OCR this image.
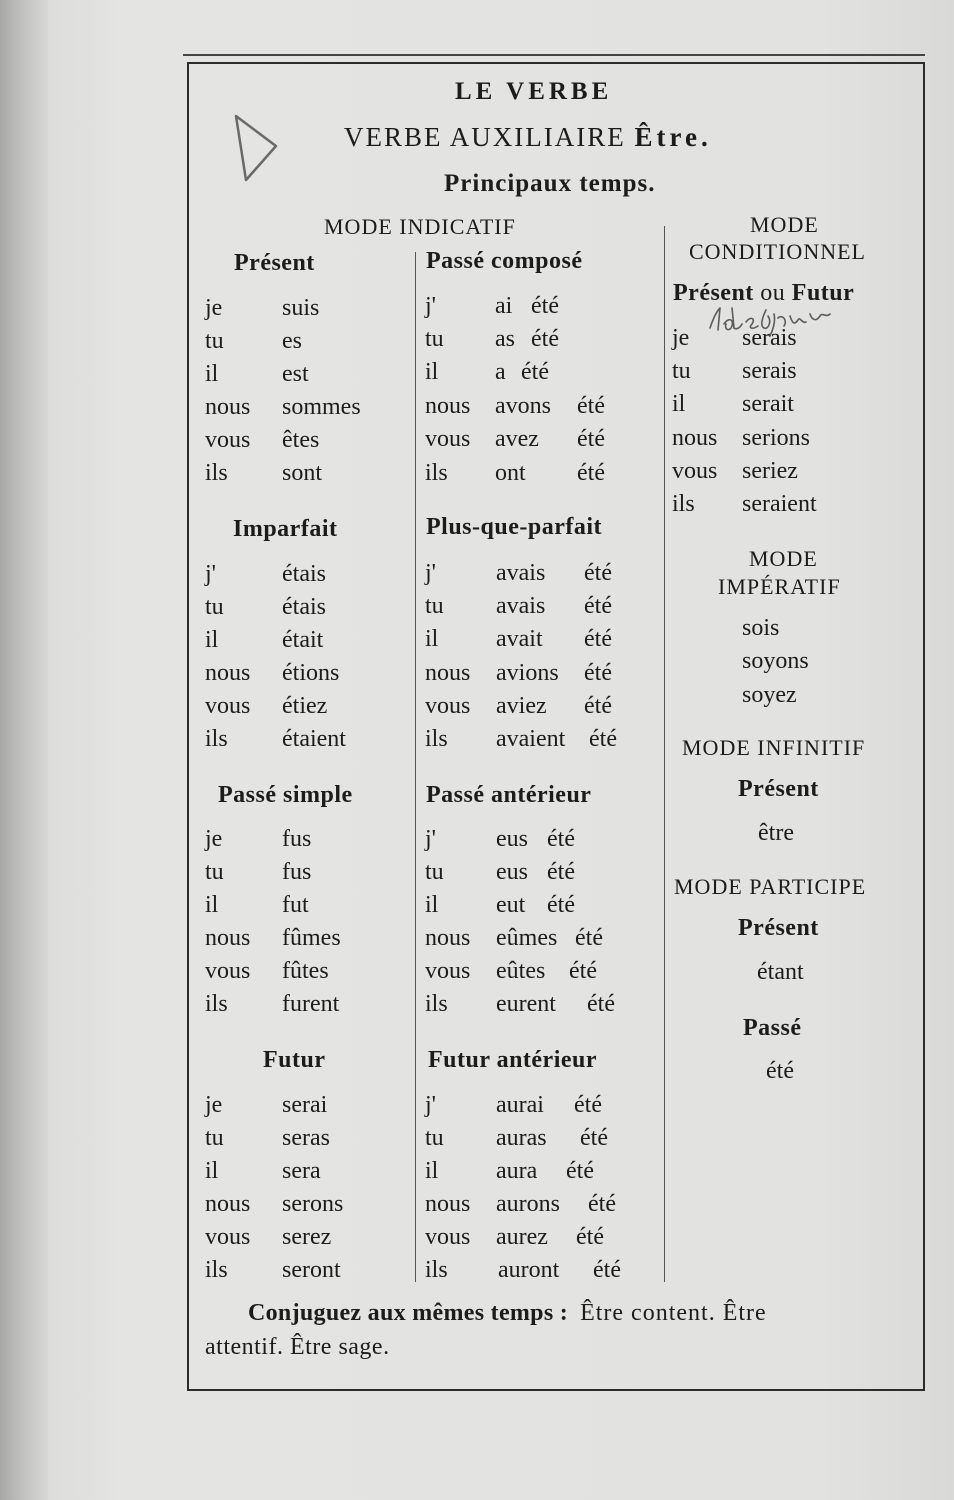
LE VERBE
VERBE AUXILIAIRE Être.
Principaux temps.
MODE INDICATIF
Présent
je suis
tu es
il	est
nous sommes
vous êtes
ils sont
Imparfait
j'	étais
tu étais
il	était
nous étions
vous étiez
ils étaient
Passé simple
je fus
tu fus
il	fut
nous fûmes
vous fûtes
ils furent
Futur
je serai
tu seras
il	sera
nous serons
vous serez
ils seront
Passé composé
j' ai été
tu as été
il a été
nous avons été
vous avez été
ils ont été
Plus-que-parfait
j'	avais été
tu avais été
il avait été
nous avions été
vous aviez été
ils avaient été
Passé antérieur
j'	eus été
tu eus été
il eut été
nous eûmes été
vous eûtes été
ils eurent été
Futur antérieur
j'	aurai été
tu auras été
il aura été
nous aurons été
vous aurez été
ils auront été
MODE
CONDITIONNEL
Présent ou Futur
je serais
tu serais
il serait
nous serions
vous seriez
ils seraient
MODE
IMPÉRATIF
sois
soyons
soyez
MODE INFINITIF
Présent
être
MODE PARTICIPE
Présent
étant
Passé
été
Conjuguez aux mêmes temps : Être content. Être
attentif. Être sage.
